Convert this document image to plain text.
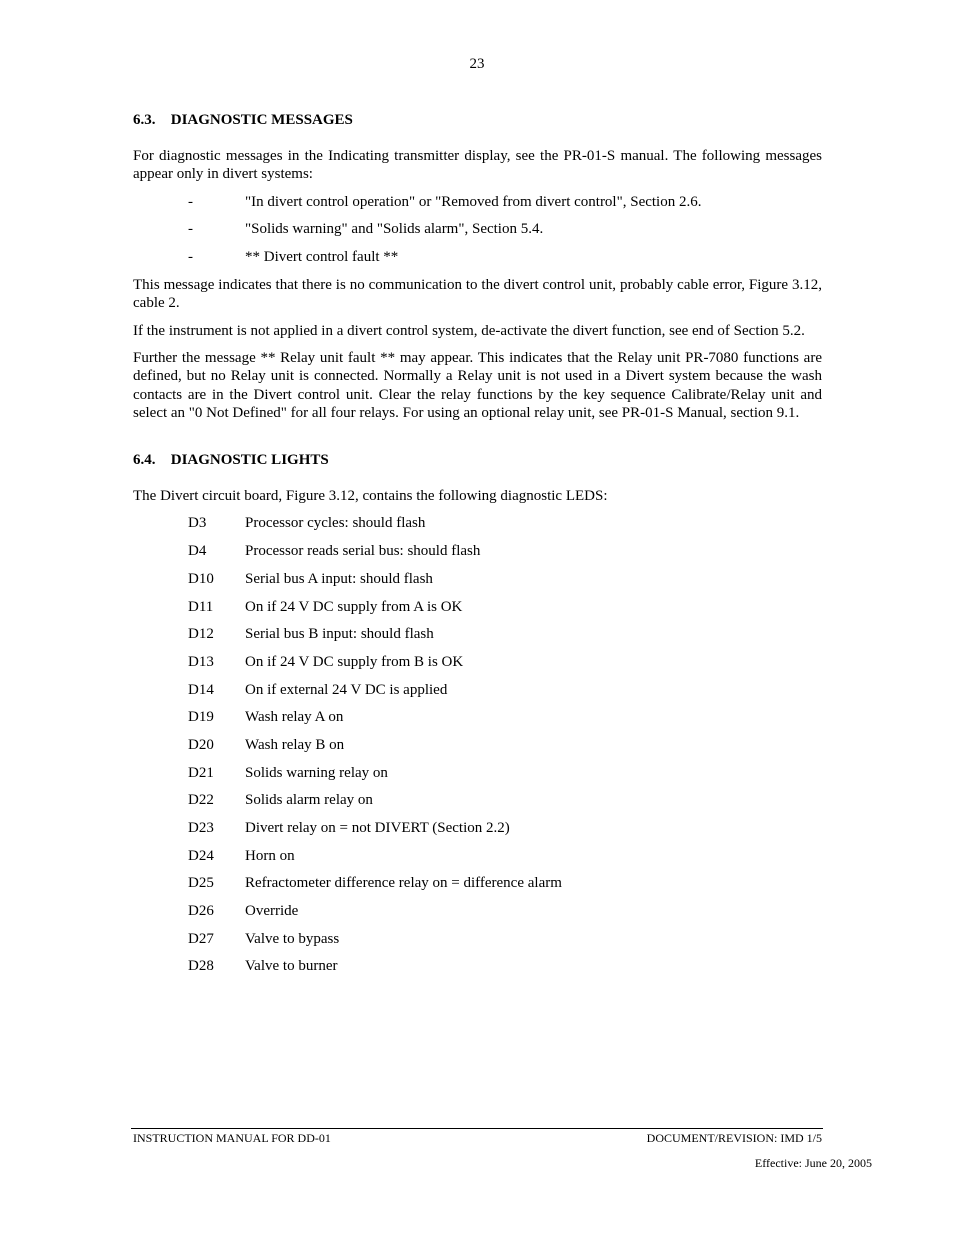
23
6.3. DIAGNOSTIC MESSAGES

For diagnostic messages in the Indicating transmitter display, see the PR-01-S manual. The following messages appear only in divert systems:

-	"In divert control operation" or "Removed from divert control", Section 2.6.
-	"Solids warning" and "Solids alarm", Section 5.4.
-	** Divert control fault **

This message indicates that there is no communication to the divert control unit, probably cable error, Figure 3.12, cable 2.

If the instrument is not applied in a divert control system, de-activate the divert function, see end of Section 5.2.

Further the message ** Relay unit fault ** may appear. This indicates that the Relay unit PR-7080 functions are defined, but no Relay unit is connected. Normally a Relay unit is not used in a Divert system because the wash contacts are in the Divert control unit. Clear the relay functions by the key sequence Calibrate/Relay unit and select an "0 Not Defined" for all four relays. For using an optional relay unit, see PR-01-S Manual, section 9.1.

6.4. DIAGNOSTIC LIGHTS

The Divert circuit board, Figure 3.12, contains the following diagnostic LEDS:

D3	Processor cycles: should flash
D4	Processor reads serial bus: should flash
D10 Serial bus A input: should flash
D11 On if 24 V DC supply from A is OK
D12 Serial bus B input: should flash
D13 On if 24 V DC supply from B is OK
D14 On if external 24 V DC is applied
D19 Wash relay A on
D20 Wash relay B on
D21 Solids warning relay on
D22 Solids alarm relay on
D23 Divert relay on = not DIVERT (Section 2.2)
D24 Horn on
D25 Refractometer difference relay on = difference alarm
D26 Override
D27 Valve to bypass
D28 Valve to burner
INSTRUCTION MANUAL FOR DD-01	DOCUMENT/REVISION: IMD 1/5
Effective: June 20, 2005
